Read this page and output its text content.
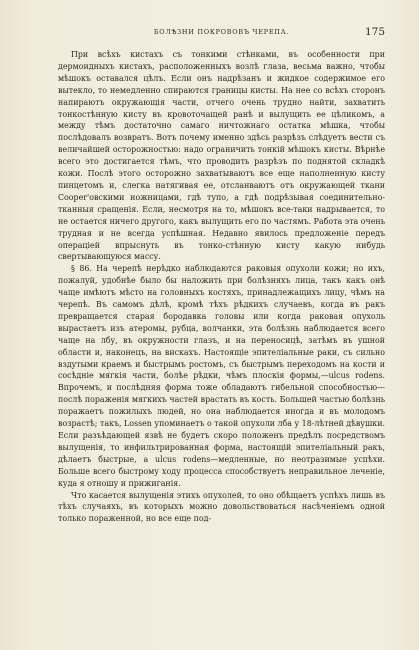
БОЛѢЗНИ ПОКРОВОВЪ ЧЕРЕПА.	175

При всѣхъ кистахъ съ тонкими стѣнками, въ особенности при дермоидныхъ кистахъ, расположенныхъ возлѣ глаза, весьма важно, чтобы мѣшокъ оставался цѣлъ. Если онъ надрѣзанъ и жидкое содержимое его вытекло, то немедленно спираются границы кисты. На нее со всѣхъ сторонъ напираютъ окружающія части, отчего очень трудно найти, захватить тонкостѣнную кисту въ кровоточащей ранѣ и вылущить ее цѣликомъ, а между тѣмъ достаточно самаго ничтожнаго остатка мѣшка, чтобы послѣдовалъ возвратъ. Вотъ почему именно здѣсь разрѣзъ слѣдуетъ вести съ величайшей осторожностью: надо ограничить тонкій мѣшокъ кисты. Вѣрнѣе всего это достигается тѣмъ, что проводить разрѣзъ по поднятой складкѣ кожи. Послѣ этого осторожно захватываютъ все еще наполненную кисту пинцетомъ и, слегка натягивая ее, отсланваютъ отъ окружающей ткани Cooper'овскими ножницами, гдѣ тупо, а гдѣ подрѣзывая соединительно-тканныя сращенія. Если, несмотря на то, мѣшокъ все-таки надрывается, то не остается ничего другого, какъ вылущить его по частямъ. Работа эта очень трудная и не всегда успѣшная. Недавно явилось предложеніе передъ операціей впрыснуть въ тонко-стѣнную кисту какую нибудь свертывающуюся массу.

§ 86. На черепѣ нерѣдко наблюдаются раковыя опухоли кожи; но ихъ, пожалуй, удобнѣе было бы наложить при болѣзняхъ лица, такъ какъ онѣ чаще имѣютъ мѣсто на головныхъ костяхъ, принадлежащихъ лицу, чѣмъ на черепѣ. Въ самомъ дѣлѣ, кромѣ тѣхъ рѣдкихъ случаевъ, когда въ ракъ превращается старая бородавка головы или когда раковая опухоль вырастаетъ изъ атеромы, рубца, волчанки, эта болѣзнь наблюдается всего чаще на лбу, въ окружности глазъ, и на переносицѣ, затѣмъ въ ушной области и, наконецъ, на вискахъ. Настоящіе эпителіальные раки, съ сильно вздутыми краемъ и быстрымъ ростомъ, съ быстрымъ переходомъ на кости и сосѣдніе мягкія части, болѣе рѣдки, чѣмъ плоскія формы,—ulcus rodens. Впрочемъ, и послѣдняя форма тоже обладаютъ гибельной способностью—послѣ пораженія мягкихъ частей врастать въ кость. Большей частью болѣзнь поражаетъ пожилыхъ людей, но она наблюдается иногда и въ молодомъ возрастѣ; такъ, Lossen упоминаетъ о такой опухоли лба у 18-лѣтней дѣвушки. Если разъѣдающей язвѣ не будетъ скоро положенъ предѣлъ посредствомъ вылущенія, то инфильтрированная форма, настоящій эпителіальный ракъ, дѣлаетъ быстрые, а ulcus rodens—медленные, но неотразимые успѣхи. Больше всего быстрому ходу процесса способствуетъ неправильное леченіе, куда я отношу и прижиганія.

Что касается вылущенія этихъ опухолей, то оно обѣщаетъ успѣхъ лишь въ тѣхъ случаяхъ, въ которыхъ можно довольствоваться насѣченіемъ одной только пораженной, но все еще под-
